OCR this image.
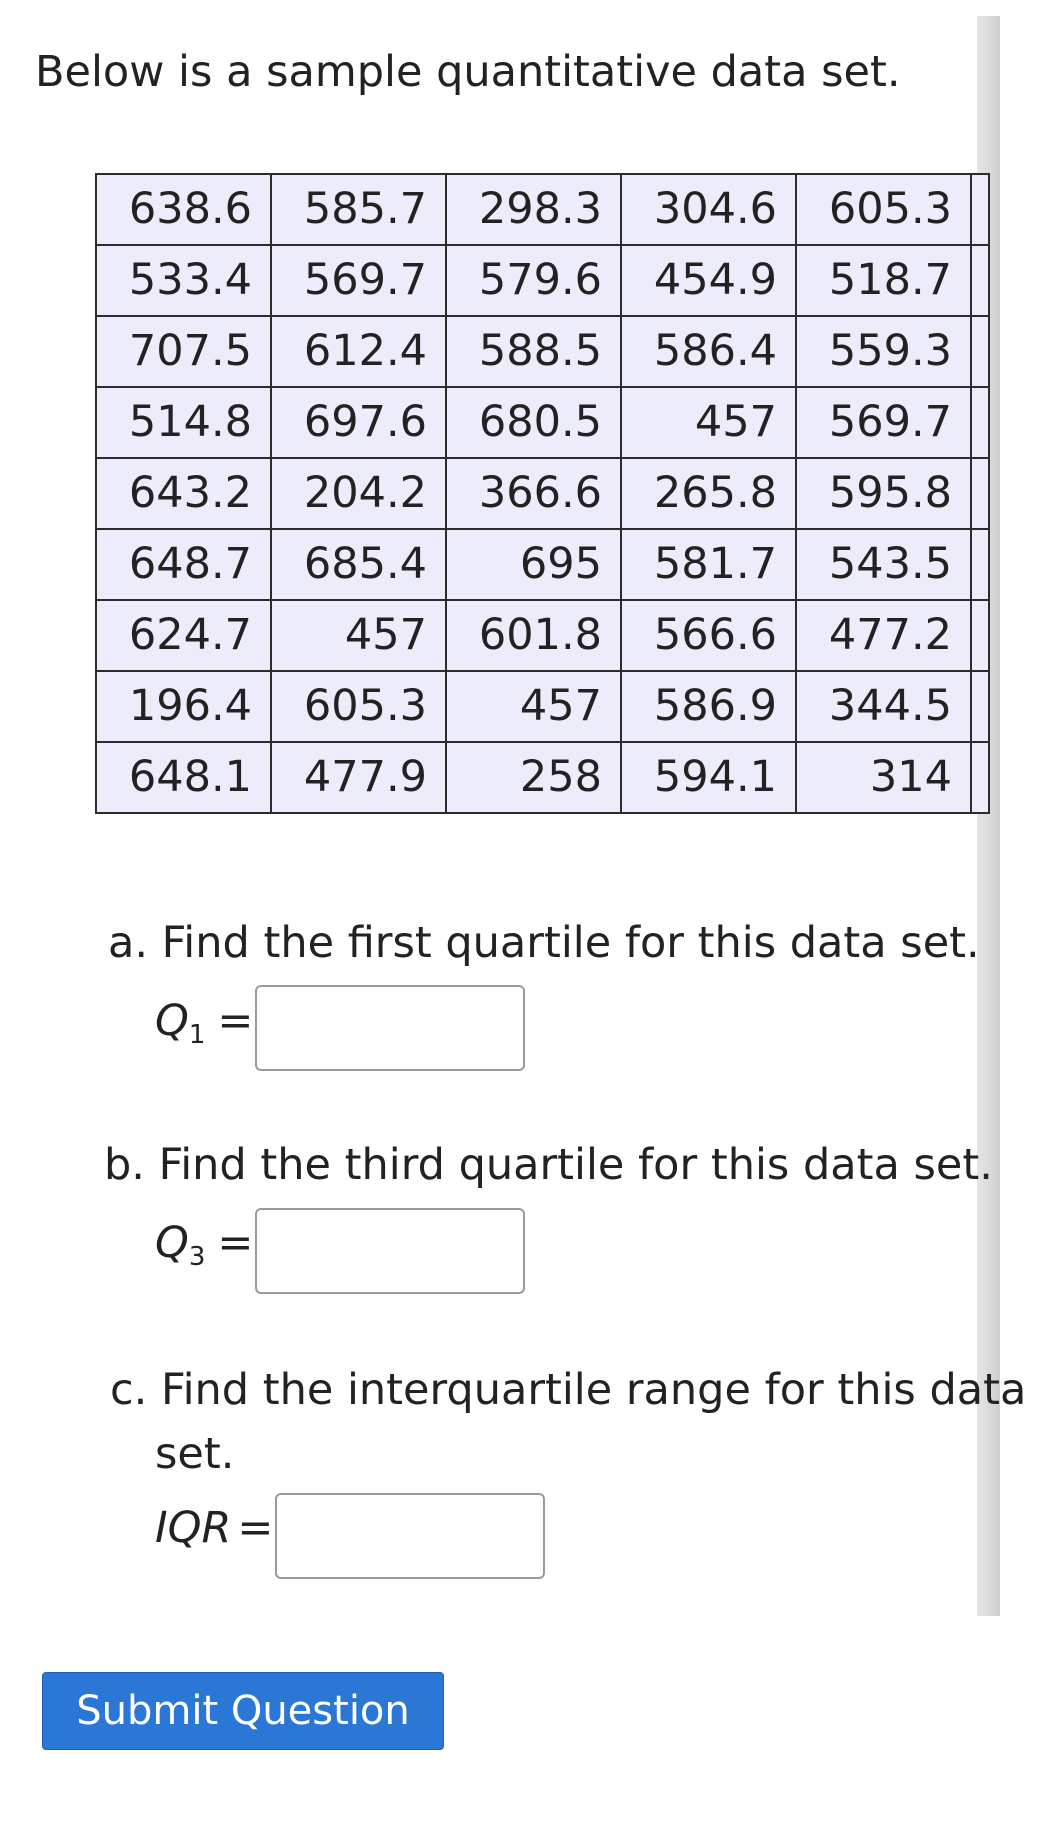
Below is a sample quantitative data set.
638.6	585.7	298.3	304.6	605.3	
533.4	569.7	579.6	454.9	518.7	
707.5	612.4	588.5	586.4	559.3	
514.8	697.6	680.5	457	569.7	
643.2	204.2	366.6	265.8	595.8	
648.7	685.4	695	581.7	543.5	
624.7	457	601.8	566.6	477.2	
196.4	605.3	457	586.9	344.5	
648.1	477.9	258	594.1	314	
a. Find the first quartile for this data set.
$Q_1$ =
b. Find the third quartile for this data set.
$Q_3$ =
c. Find the interquartile range for this data
set.
IQR =
Submit Question
